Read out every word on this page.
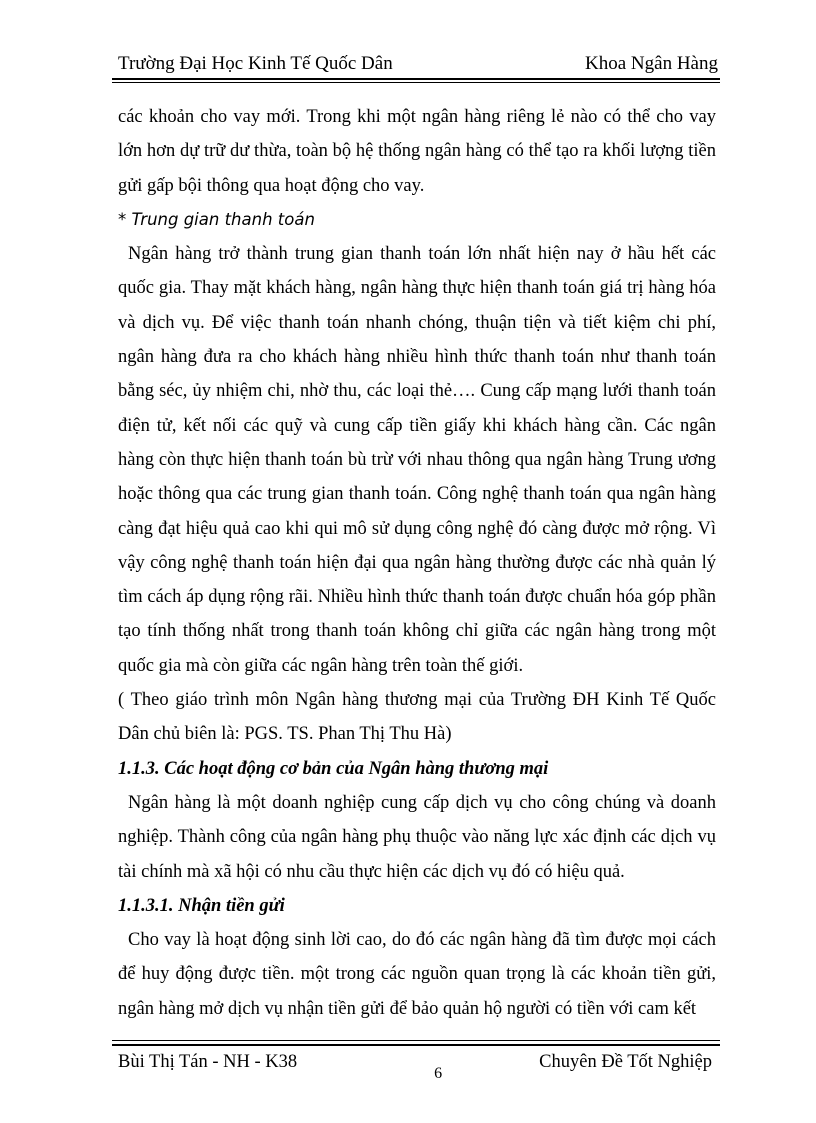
Trường Đại Học Kinh Tế Quốc Dân	Khoa Ngân Hàng

các khoản cho vay mới. Trong khi một ngân hàng riêng lẻ nào có thể cho vay lớn hơn dự trữ dư thừa, toàn bộ hệ thống ngân hàng có thể tạo ra khối lượng tiền gửi gấp bội thông qua hoạt động cho vay.

* Trung gian thanh toán

Ngân hàng trở thành trung gian thanh toán lớn nhất hiện nay ở hầu hết các quốc gia. Thay mặt khách hàng, ngân hàng thực hiện thanh toán giá trị hàng hóa và dịch vụ. Để việc thanh toán nhanh chóng, thuận tiện và tiết kiệm chi phí, ngân hàng đưa ra cho khách hàng nhiều hình thức thanh toán như thanh toán bằng séc, ủy nhiệm chi, nhờ thu, các loại thẻ…. Cung cấp mạng lưới thanh toán điện tử, kết nối các quỹ và cung cấp tiền giấy khi khách hàng cần. Các ngân hàng còn thực hiện thanh toán bù trừ với nhau thông qua ngân hàng Trung ương hoặc thông qua các trung gian thanh toán. Công nghệ thanh toán qua ngân hàng càng đạt hiệu quả cao khi qui mô sử dụng công nghệ đó càng được mở rộng. Vì vậy công nghệ thanh toán hiện đại qua ngân hàng thường được các nhà quản lý tìm cách áp dụng rộng rãi. Nhiều hình thức thanh toán được chuẩn hóa góp phần tạo tính thống nhất trong thanh toán không chỉ giữa các ngân hàng trong một quốc gia mà còn giữa các ngân hàng trên toàn thế giới.

( Theo giáo trình môn Ngân hàng thương mại của Trường ĐH Kinh Tế Quốc Dân chủ biên là: PGS. TS. Phan Thị Thu Hà)

1.1.3. Các hoạt động cơ bản của Ngân hàng thương mại

Ngân hàng là một doanh nghiệp cung cấp dịch vụ cho công chúng và doanh nghiệp. Thành công của ngân hàng phụ thuộc vào năng lực xác định các dịch vụ tài chính mà xã hội có nhu cầu thực hiện các dịch vụ đó có hiệu quả.

1.1.3.1. Nhận tiền gửi

Cho vay là hoạt động sinh lời cao, do đó các ngân hàng đã tìm được mọi cách để huy động được tiền. một trong các nguồn quan trọng là các khoản tiền gửi, ngân hàng mở dịch vụ nhận tiền gửi để bảo quản hộ người có tiền với cam kết

Bùi Thị Tán - NH - K38
6
Chuyên Đề Tốt Nghiệp
